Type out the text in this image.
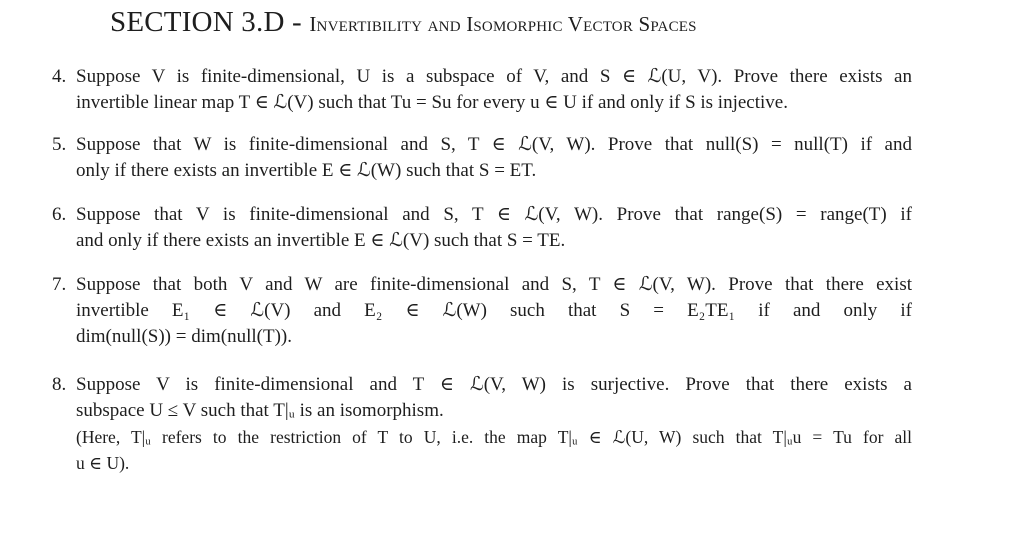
SECTION 3.D - Invertibility and Isomorphic Vector Spaces
4. Suppose V is finite-dimensional, U is a subspace of V, and S ∈ ℒ(U, V). Prove there exists an
invertible linear map T ∈ ℒ(V) such that Tu = Su for every u ∈ U if and only if S is injective.
5. Suppose that W is finite-dimensional and S, T ∈ ℒ(V, W). Prove that null(S) = null(T) if and
only if there exists an invertible E ∈ ℒ(W) such that S = ET.
6. Suppose that V is finite-dimensional and S, T ∈ ℒ(V, W). Prove that range(S) = range(T) if
and only if there exists an invertible E ∈ ℒ(V) such that S = TE.
7. Suppose that both V and W are finite-dimensional and S, T ∈ ℒ(V, W). Prove that there exist
invertible E₁ ∈ ℒ(V) and E₂ ∈ ℒ(W) such that S = E₂TE₁ if and only if
dim(null(S)) = dim(null(T)).
8. Suppose V is finite-dimensional and T ∈ ℒ(V, W) is surjective. Prove that there exists a
subspace U ≤ V such that T|ᵤ is an isomorphism.
(Here, T|ᵤ refers to the restriction of T to U, i.e. the map T|ᵤ ∈ ℒ(U, W) such that T|ᵤu = Tu for all
u ∈ U).
